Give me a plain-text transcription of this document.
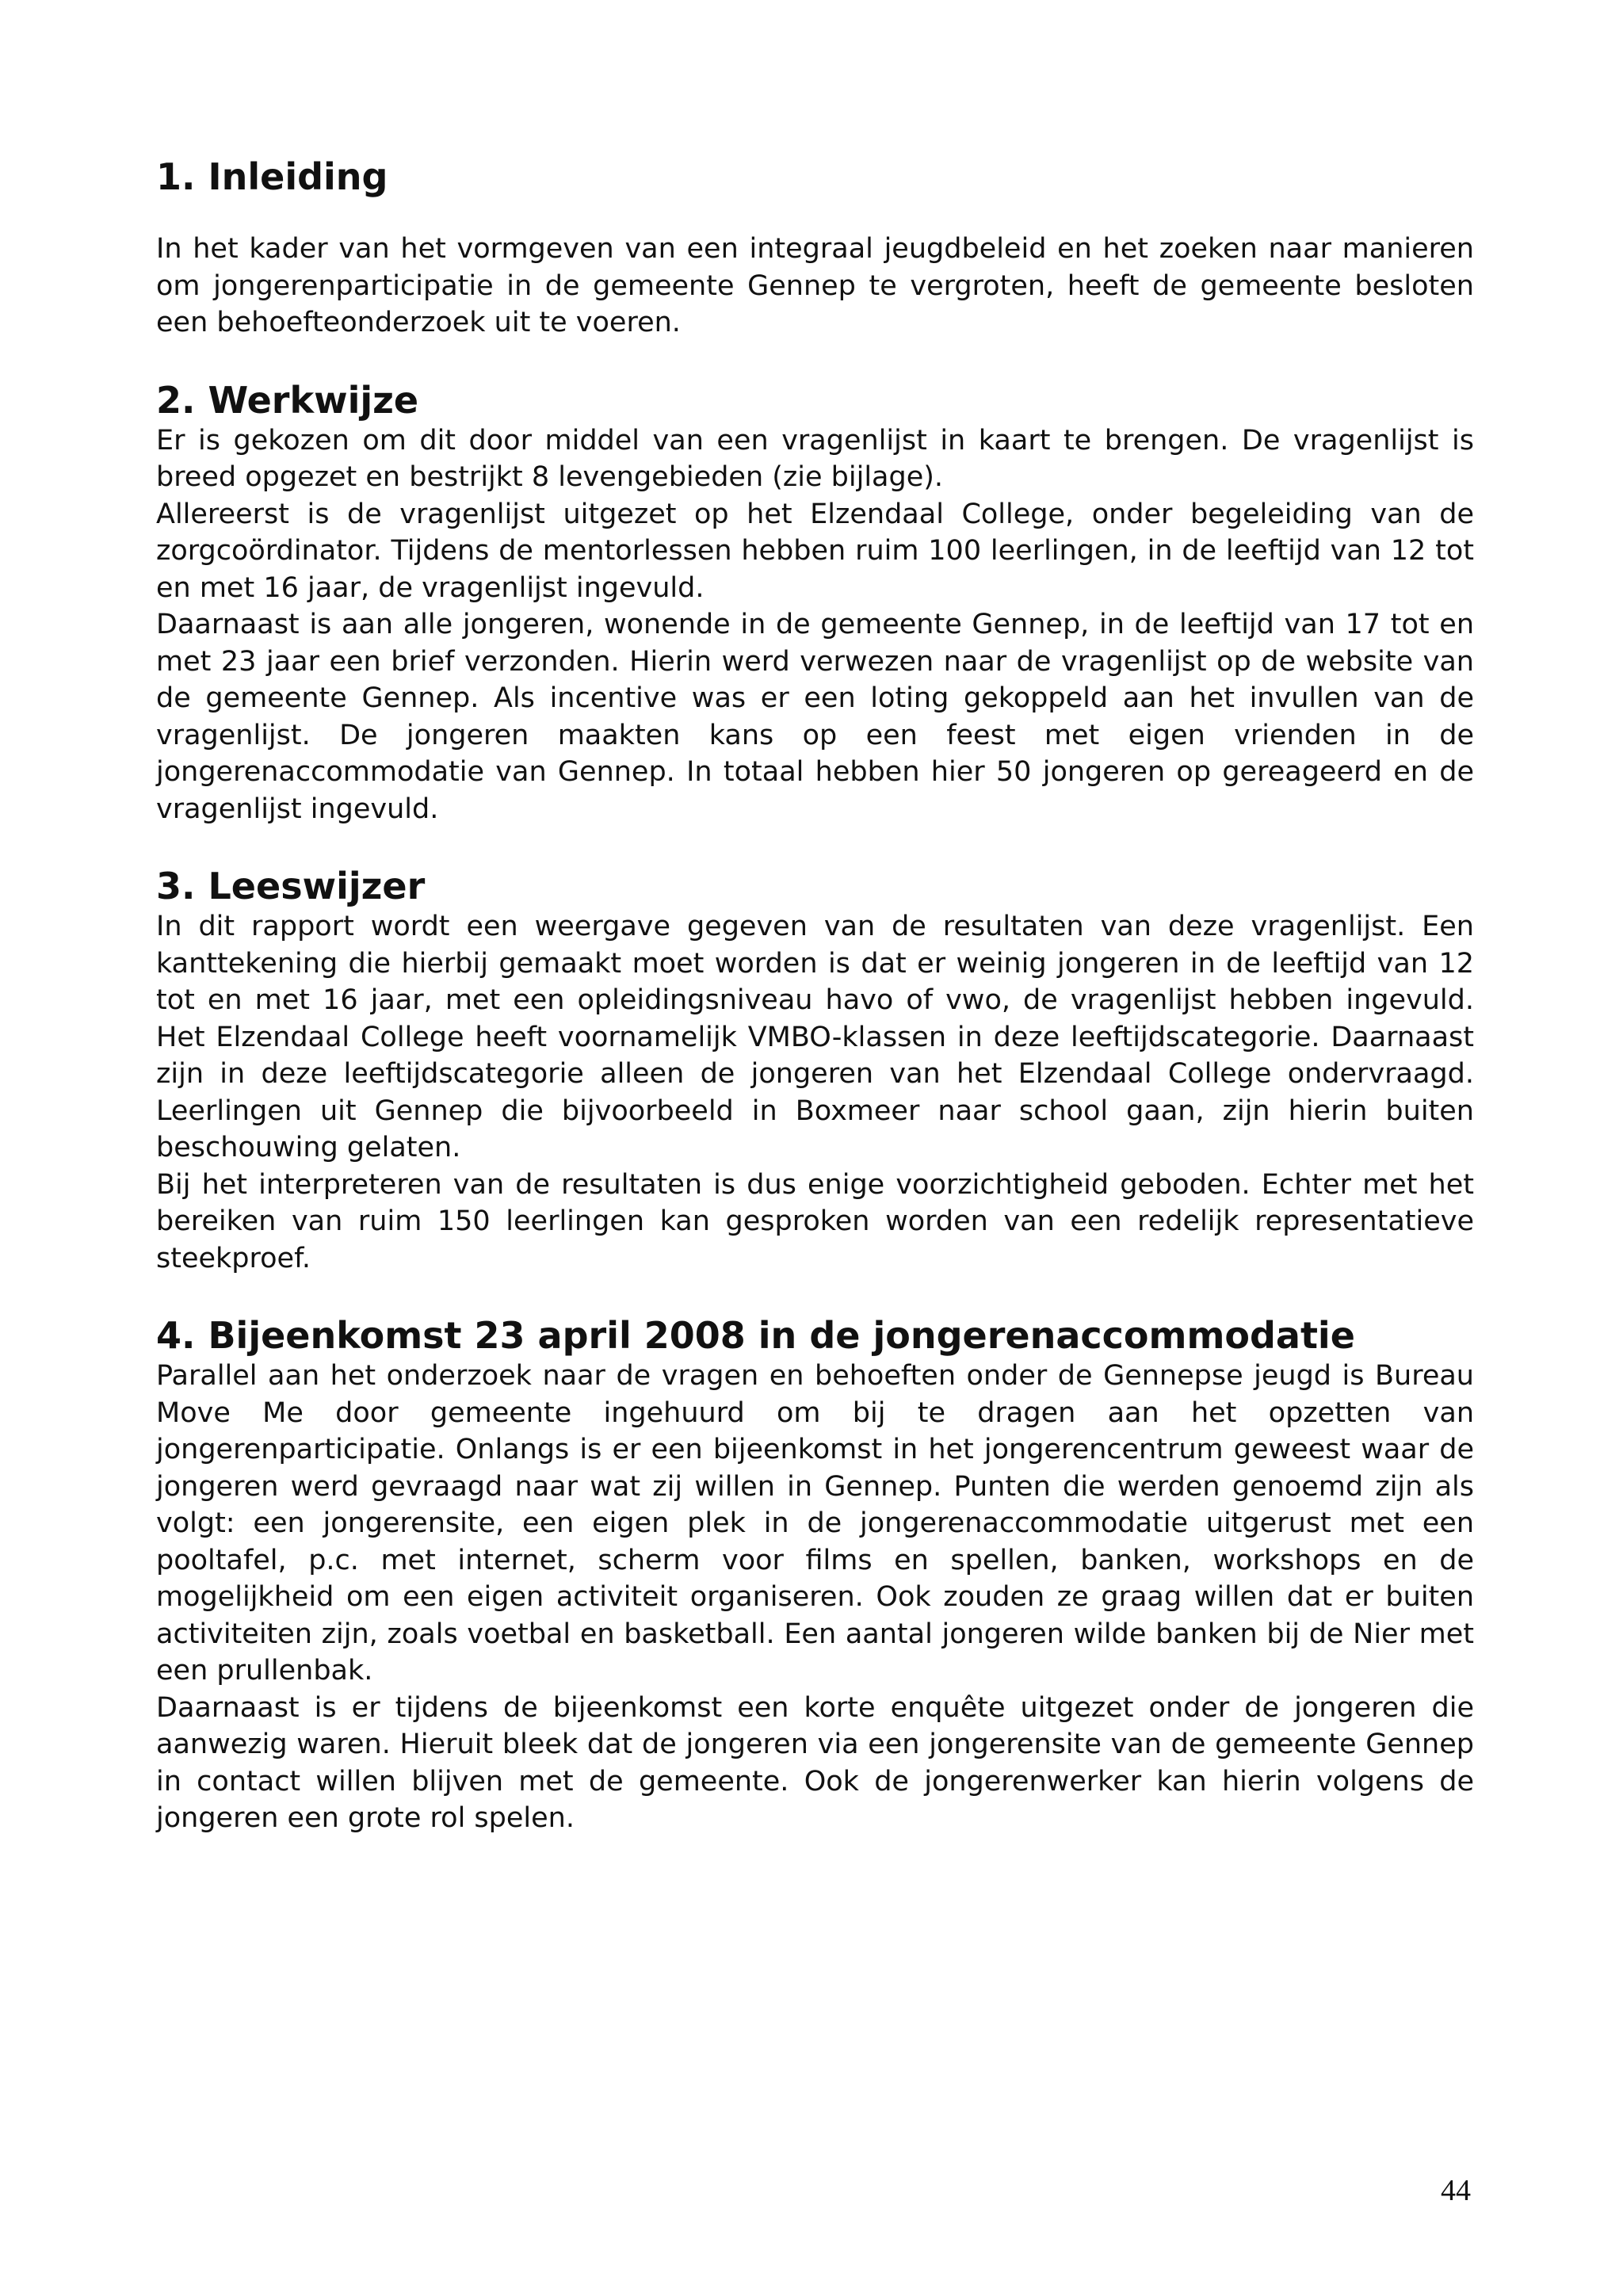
1. Inleiding

In het kader van het vormgeven van een integraal jeugdbeleid en het zoeken naar manieren om jongerenparticipatie in de gemeente Gennep te vergroten, heeft de gemeente besloten een behoefteonderzoek uit te voeren.

2. Werkwijze

Er is gekozen om dit door middel van een vragenlijst in kaart te brengen. De vragenlijst is breed opgezet en bestrijkt 8 levengebieden (zie bijlage).

Allereerst is de vragenlijst uitgezet op het Elzendaal College, onder begeleiding van de zorgcoördinator. Tijdens de mentorlessen hebben ruim 100 leerlingen, in de leeftijd van 12 tot en met 16 jaar, de vragenlijst ingevuld.

Daarnaast is aan alle jongeren, wonende in de gemeente Gennep, in de leeftijd van 17 tot en met 23 jaar een brief verzonden. Hierin werd verwezen naar de vragenlijst op de website van de gemeente Gennep. Als incentive was er een loting gekoppeld aan het invullen van de vragenlijst. De jongeren maakten kans op een feest met eigen vrienden in de jongerenaccommodatie van Gennep. In totaal hebben hier 50 jongeren op gereageerd en de vragenlijst ingevuld.

3. Leeswijzer

In dit rapport wordt een weergave gegeven van de resultaten van deze vragenlijst. Een kanttekening die hierbij gemaakt moet worden is dat er weinig jongeren in de leeftijd van 12 tot en met 16 jaar, met een opleidingsniveau havo of vwo, de vragenlijst hebben ingevuld. Het Elzendaal College heeft voornamelijk VMBO-klassen in deze leeftijdscategorie. Daarnaast zijn in deze leeftijdscategorie alleen de jongeren van het Elzendaal College ondervraagd. Leerlingen uit Gennep die bijvoorbeeld in Boxmeer naar school gaan, zijn hierin buiten beschouwing gelaten.

Bij het interpreteren van de resultaten is dus enige voorzichtigheid geboden. Echter met het bereiken van ruim 150 leerlingen kan gesproken worden van een redelijk representatieve steekproef.

4. Bijeenkomst 23 april 2008 in de jongerenaccommodatie

Parallel aan het onderzoek naar de vragen en behoeften onder de Gennepse jeugd is Bureau Move Me door gemeente ingehuurd om bij te dragen aan het opzetten van jongerenparticipatie. Onlangs is er een bijeenkomst in het jongerencentrum geweest waar de jongeren werd gevraagd naar wat zij willen in Gennep. Punten die werden genoemd zijn als volgt: een jongerensite, een eigen plek in de jongerenaccommodatie uitgerust met een pooltafel, p.c. met internet, scherm voor films en spellen, banken, workshops en de mogelijkheid om een eigen activiteit organiseren. Ook zouden ze graag willen dat er buiten activiteiten zijn, zoals voetbal en basketball. Een aantal jongeren wilde banken bij de Nier met een prullenbak.

Daarnaast is er tijdens de bijeenkomst een korte enquête uitgezet onder de jongeren die aanwezig waren. Hieruit bleek dat de jongeren via een jongerensite van de gemeente Gennep in contact willen blijven met de gemeente. Ook de jongerenwerker kan hierin volgens de jongeren een grote rol spelen.

44
